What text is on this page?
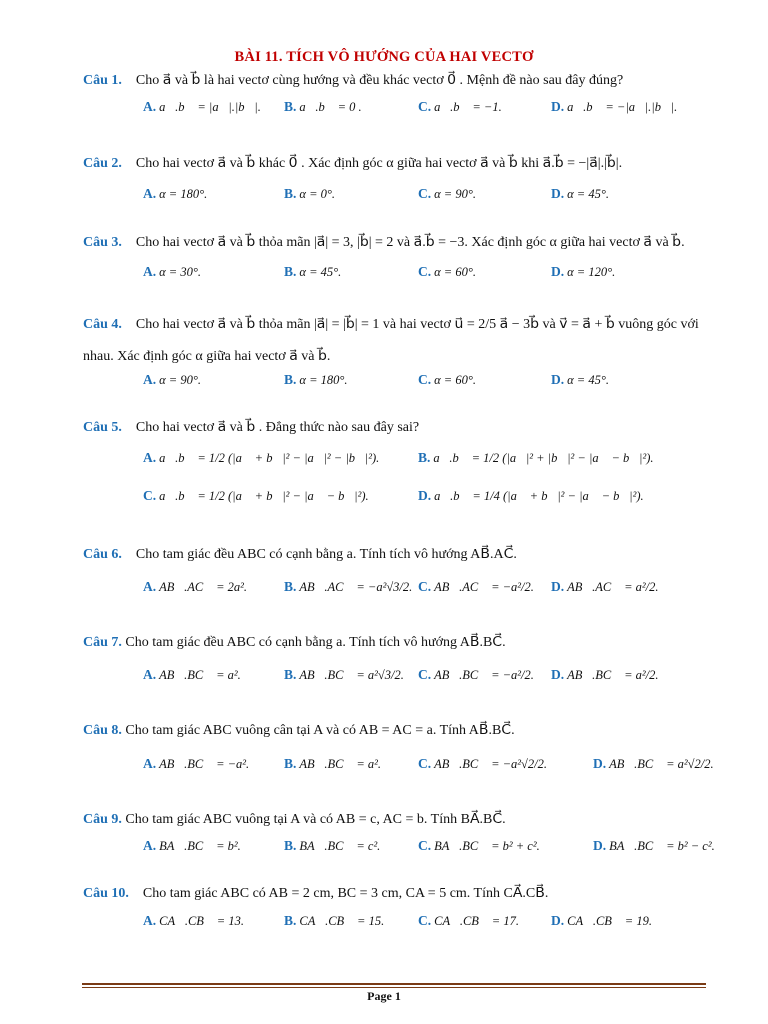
BÀI 11. TÍCH VÔ HƯỚNG CỦA HAI VECTƠ
Câu 1. Cho a⃗ và b⃗ là hai vectơ cùng hướng và đều khác vectơ 0⃗ . Mệnh đề nào sau đây đúng?
A. a⃗.b⃗ = |a⃗|.|b⃗|. B. a⃗.b⃗ = 0 .	C. a⃗.b⃗ = −1.	D. a⃗.b⃗ = −|a⃗|.|b⃗|.
Câu 2. Cho hai vectơ a⃗ và b⃗ khác 0⃗ . Xác định góc α giữa hai vectơ a⃗ và b⃗ khi a⃗.b⃗ = −|a⃗|.|b⃗|.
A. α = 180°.	B. α = 0°.	C. α = 90°.	D. α = 45°.
Câu 3. Cho hai vectơ a⃗ và b⃗ thỏa mãn |a⃗| = 3, |b⃗| = 2 và a⃗.b⃗ = −3. Xác định góc α giữa hai vectơ a⃗ và b⃗.
A. α = 30°.	B. α = 45°.	C. α = 60°.	D. α = 120°.
Câu 4. Cho hai vectơ a⃗ và b⃗ thỏa mãn |a⃗| = |b⃗| = 1 và hai vectơ u⃗ = 2/5 a⃗ − 3b⃗ và v⃗ = a⃗ + b⃗ vuông góc với
nhau. Xác định góc α giữa hai vectơ a⃗ và b⃗.
A. α = 90°.	B. α = 180°.	C. α = 60°.	D. α = 45°.
Câu 5. Cho hai vectơ a⃗ và b⃗ . Đẳng thức nào sau đây sai?
A. a⃗.b⃗ = 1/2 (|a⃗ + b⃗|² − |a⃗|² − |b⃗|²).	B. a⃗.b⃗ = 1/2 (|a⃗|² + |b⃗|² − |a⃗ − b⃗|²).
C. a⃗.b⃗ = 1/2 (|a⃗ + b⃗|² − |a⃗ − b⃗|²).	D. a⃗.b⃗ = 1/4 (|a⃗ + b⃗|² − |a⃗ − b⃗|²).
Câu 6. Cho tam giác đều ABC có cạnh bằng a. Tính tích vô hướng AB⃗.AC⃗.
A. AB⃗.AC⃗ = 2a².	B. AB⃗.AC⃗ = −a²√3/2. C. AB⃗.AC⃗ = −a²/2. D. AB⃗.AC⃗ = a²/2.
Câu 7. Cho tam giác đều ABC có cạnh bằng a. Tính tích vô hướng AB⃗.BC⃗.
A. AB⃗.BC⃗ = a².	B. AB⃗.BC⃗ = a²√3/2. C. AB⃗.BC⃗ = −a²/2. D. AB⃗.BC⃗ = a²/2.
Câu 8. Cho tam giác ABC vuông cân tại A và có AB = AC = a. Tính AB⃗.BC⃗.
A. AB⃗.BC⃗ = −a².	B. AB⃗.BC⃗ = a².	C. AB⃗.BC⃗ = −a²√2/2.	D. AB⃗.BC⃗ = a²√2/2.
Câu 9. Cho tam giác ABC vuông tại A và có AB = c, AC = b. Tính BA⃗.BC⃗.
A. BA⃗.BC⃗ = b².	B. BA⃗.BC⃗ = c².	C. BA⃗.BC⃗ = b² + c².	D. BA⃗.BC⃗ = b² − c².
Câu 10. Cho tam giác ABC có AB = 2 cm, BC = 3 cm, CA = 5 cm. Tính CA⃗.CB⃗.
A. CA⃗.CB⃗ = 13.	B. CA⃗.CB⃗ = 15.	C. CA⃗.CB⃗ = 17. D. CA⃗.CB⃗ = 19.
Page 1
